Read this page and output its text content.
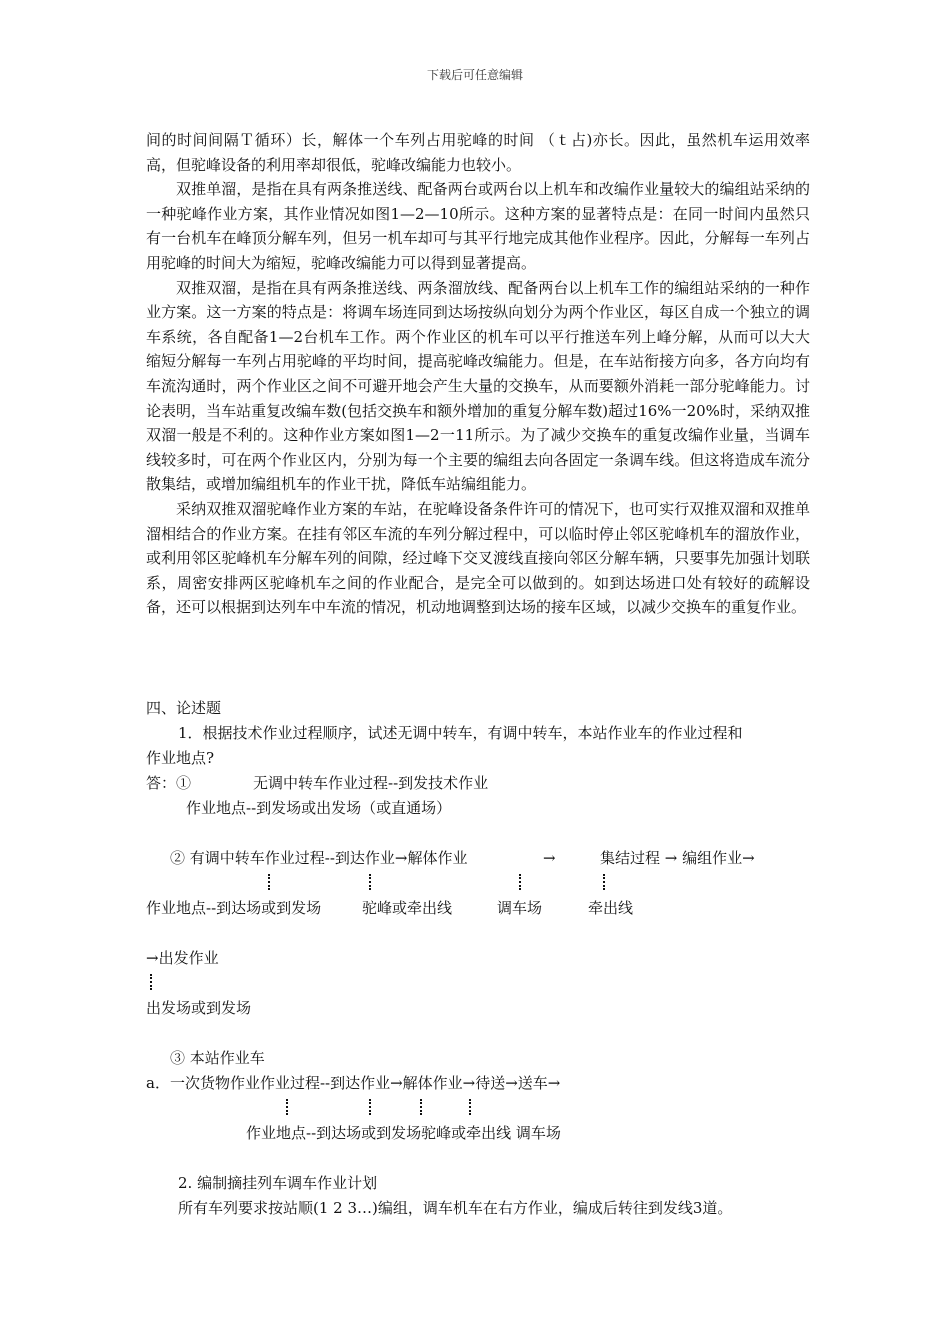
下载后可任意编辑

间的时间间隔Ｔ循环）长，解体一个车列占用驼峰的时间 （ｔ占)亦长。因此，虽然机车运用效率高，但驼峰设备的利用率却很低，驼峰改编能力也较小。

双推单溜，是指在具有两条推送线、配备两台或两台以上机车和改编作业量较大的编组站采纳的一种驼峰作业方案，其作业情况如图1—2—10所示。这种方案的显著特点是：在同一时间内虽然只有一台机车在峰顶分解车列，但另一机车却可与其平行地完成其他作业程序。因此，分解每一车列占用驼峰的时间大为缩短，驼峰改编能力可以得到显著提高。

双推双溜，是指在具有两条推送线、两条溜放线、配备两台以上机车工作的编组站采纳的一种作业方案。这一方案的特点是：将调车场连同到达场按纵向划分为两个作业区，每区自成一个独立的调车系统，各自配备1—2台机车工作。两个作业区的机车可以平行推送车列上峰分解，从而可以大大缩短分解每一车列占用驼峰的平均时间，提高驼峰改编能力。但是，在车站衔接方向多，各方向均有车流沟通时，两个作业区之间不可避开地会产生大量的交换车，从而要额外消耗一部分驼峰能力。讨论表明，当车站重复改编车数(包括交换车和额外增加的重复分解车数)超过16%一20%时，采纳双推双溜一般是不利的。这种作业方案如图1—2一11所示。为了减少交换车的重复改编作业量，当调车线较多时，可在两个作业区内，分别为每一个主要的编组去向各固定一条调车线。但这将造成车流分散集结，或增加编组机车的作业干扰，降低车站编组能力。

采纳双推双溜驼峰作业方案的车站，在驼峰设备条件许可的情况下，也可实行双推双溜和双推单溜相结合的作业方案。在挂有邻区车流的车列分解过程中，可以临时停止邻区驼峰机车的溜放作业，或利用邻区驼峰机车分解车列的间隙，经过峰下交叉渡线直接向邻区分解车辆，只要事先加强计划联系，周密安排两区驼峰机车之间的作业配合，是完全可以做到的。如到达场进口处有较好的疏解设备，还可以根据到达列车中车流的情况，机动地调整到达场的接车区域，以减少交换车的重复作业。

四、论述题
1．根据技术作业过程顺序，试述无调中转车，有调中转车，本站作业车的作业过程和
作业地点?
答：①	无调中转车作业过程--到发技术作业
作业地点--到发场或出发场（或直通场）
② 有调中转车作业过程--到达作业→解体作业	→	集结过程 → 编组作业→
作业地点--到达场或到发场	驼峰或牵出线	调车场	牵出线
→出发作业
出发场或到发场
③ 本站作业车
a．一次货物作业作业过程--到达作业→解体作业→待送→送车→
作业地点--到达场或到发场驼峰或牵出线 调车场
2. 编制摘挂列车调车作业计划
所有车列要求按站顺(1 2 3…)编组，调车机车在右方作业，编成后转往到发线3道。
